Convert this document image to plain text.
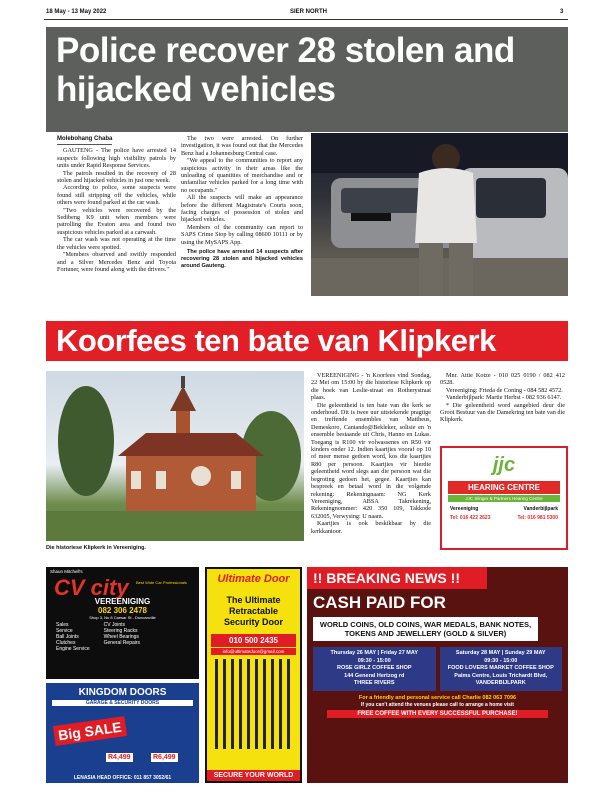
18 May - 13 May 2022	SIER NORTH	3
Police recover 28 stolen and hijacked vehicles
Molebohang Chaba

GAUTENG - The police have arrested 14 suspects following high visibility patrols by units under Rapid Response Services.

The patrols resulted in the recovery of 28 stolen and hijacked vehicles in just one week.

According to police, some suspects were found still stripping off the vehicles, while others were found parked at the car wash.

"Two vehicles were recovered by the Sedibeng K9 unit when members were patrolling the Evaton area and found two suspicious vehicles parked at a carwash.

The car wash was not operating at the time the vehicles were spotted.

"Members observed and swiftly responded and a Silver Mercedes Benz and Toyota Fortuner, were found along with the drivers."

The two were arrested. On further investigation, it was found out that the Mercedes Benz had a Johannesburg Central case.

"We appeal to the communities to report any suspicious activity in their areas like the unloading of quantities of merchandise and or unfamiliar vehicles parked for a long time with no occupants."

All the suspects will make an appearance before the different Magistrate's Courts soon, facing charges of possession of stolen and hijacked vehicles.

Members of the community can report to SAPS Crime Stop by calling 08600 10111 or by using the MySAPS App.

The police have arrested 14 suspects after recovering 28 stolen and hijacked vehicles around Gauteng.

Koorfees ten bate van Klipkerk
Die historiese Klipkerk in Vereeniging.

VEREENIGING - 'n Koorfees vind Sondag, 22 Mei om 15:00 by die historiese Klipkerk op die hoek van Leslie-straat en Rotherystraat plaas.

Die geleentheid is ten bate van die kerk se onderhoud. Dit is twee uur uitstekende pragtige en treffende ensembles van Mattheus, Demeskoro, Cantando@Bekleker, solisie en 'n ensemble bestaande uit Chris, Hanno en Lukas. Toegang is R100 vir volwassenes en R50 vir kinders onder 12. Indien kaartjies vooraf op 10 of meer mense gedoen word, kos die kaartjies R80 per persoon. Kaartjies vir hierdie geleentheid word slegs aan die persoon wat die begroting gedoen het, gegee. Kaartjies kan bespreek en betaal word in die volgende rekening: Rekeningnaam: NG Kerk Vereeniging, ABSA Takrekening, Rekeningnommer: 420 350 109, Takkode 632005, Verwysing: U naam.

Kaartjies is ook beskikbaar by die kerkkantoor.

Mnr. Attie Kotze - 010 025 0190 / 082 412 0528.

Vereeniging: Frieda de Coning - 084 582 4572.

Vanderbijlpark: Martie Herbst - 082 936 6147.

* Die geleentheid word aangebied deur die Groot Bestuur van die Damekring ten bate van die Klipkerk.

jjc
HEARING CENTRE
JJC Slinger & Partners Hearing Centre
Vereeniging	Vanderbijlpark
Tel: 016 422 2623	Tel: 016 981 5300
Shaun Mitchell's
CV city	Best Wide Car Professionals
VEREENIGING
082 306 2478
Shop 3, No 8 Caesar St - Duncanville
Sales
Service
Ball Joints
Clutches
Engine Service
CV Joints
Steering Racks
Wheel Bearings
General Repairs
KINGDOM DOORS
GARAGE & SECURITY DOORS
Big SALE
R4,499	R6,499
LENASIA HEAD OFFICE: 011 857 3052/61
Ultimate Door
The Ultimate
Retractable
Security Door
010 500 2435
info@ultimatedoor@gmail.com
SECURE YOUR WORLD
!! BREAKING NEWS !!
CASH PAID FOR
WORLD COINS, OLD COINS, WAR MEDALS, BANK NOTES, TOKENS AND JEWELLERY (GOLD & SILVER)
Thursday 26 MAY | Friday 27 MAY
09:30 - 15:00
ROSE GIRLZ COFFEE SHOP
144 General Hertzog rd
THREE RIVERS
Saturday 28 MAY | Sunday 29 MAY
09:30 - 15:00
FOOD LOVERS MARKET COFFEE SHOP
Palms Centre, Louis Trichardt Blvd,
VANDERBIJLPARK
For a friendly and personal service call Charlie 082 063 7096
If you can't attend the venues please call to arrange a home visit
FREE COFFEE WITH EVERY SUCCESSFUL PURCHASE!
